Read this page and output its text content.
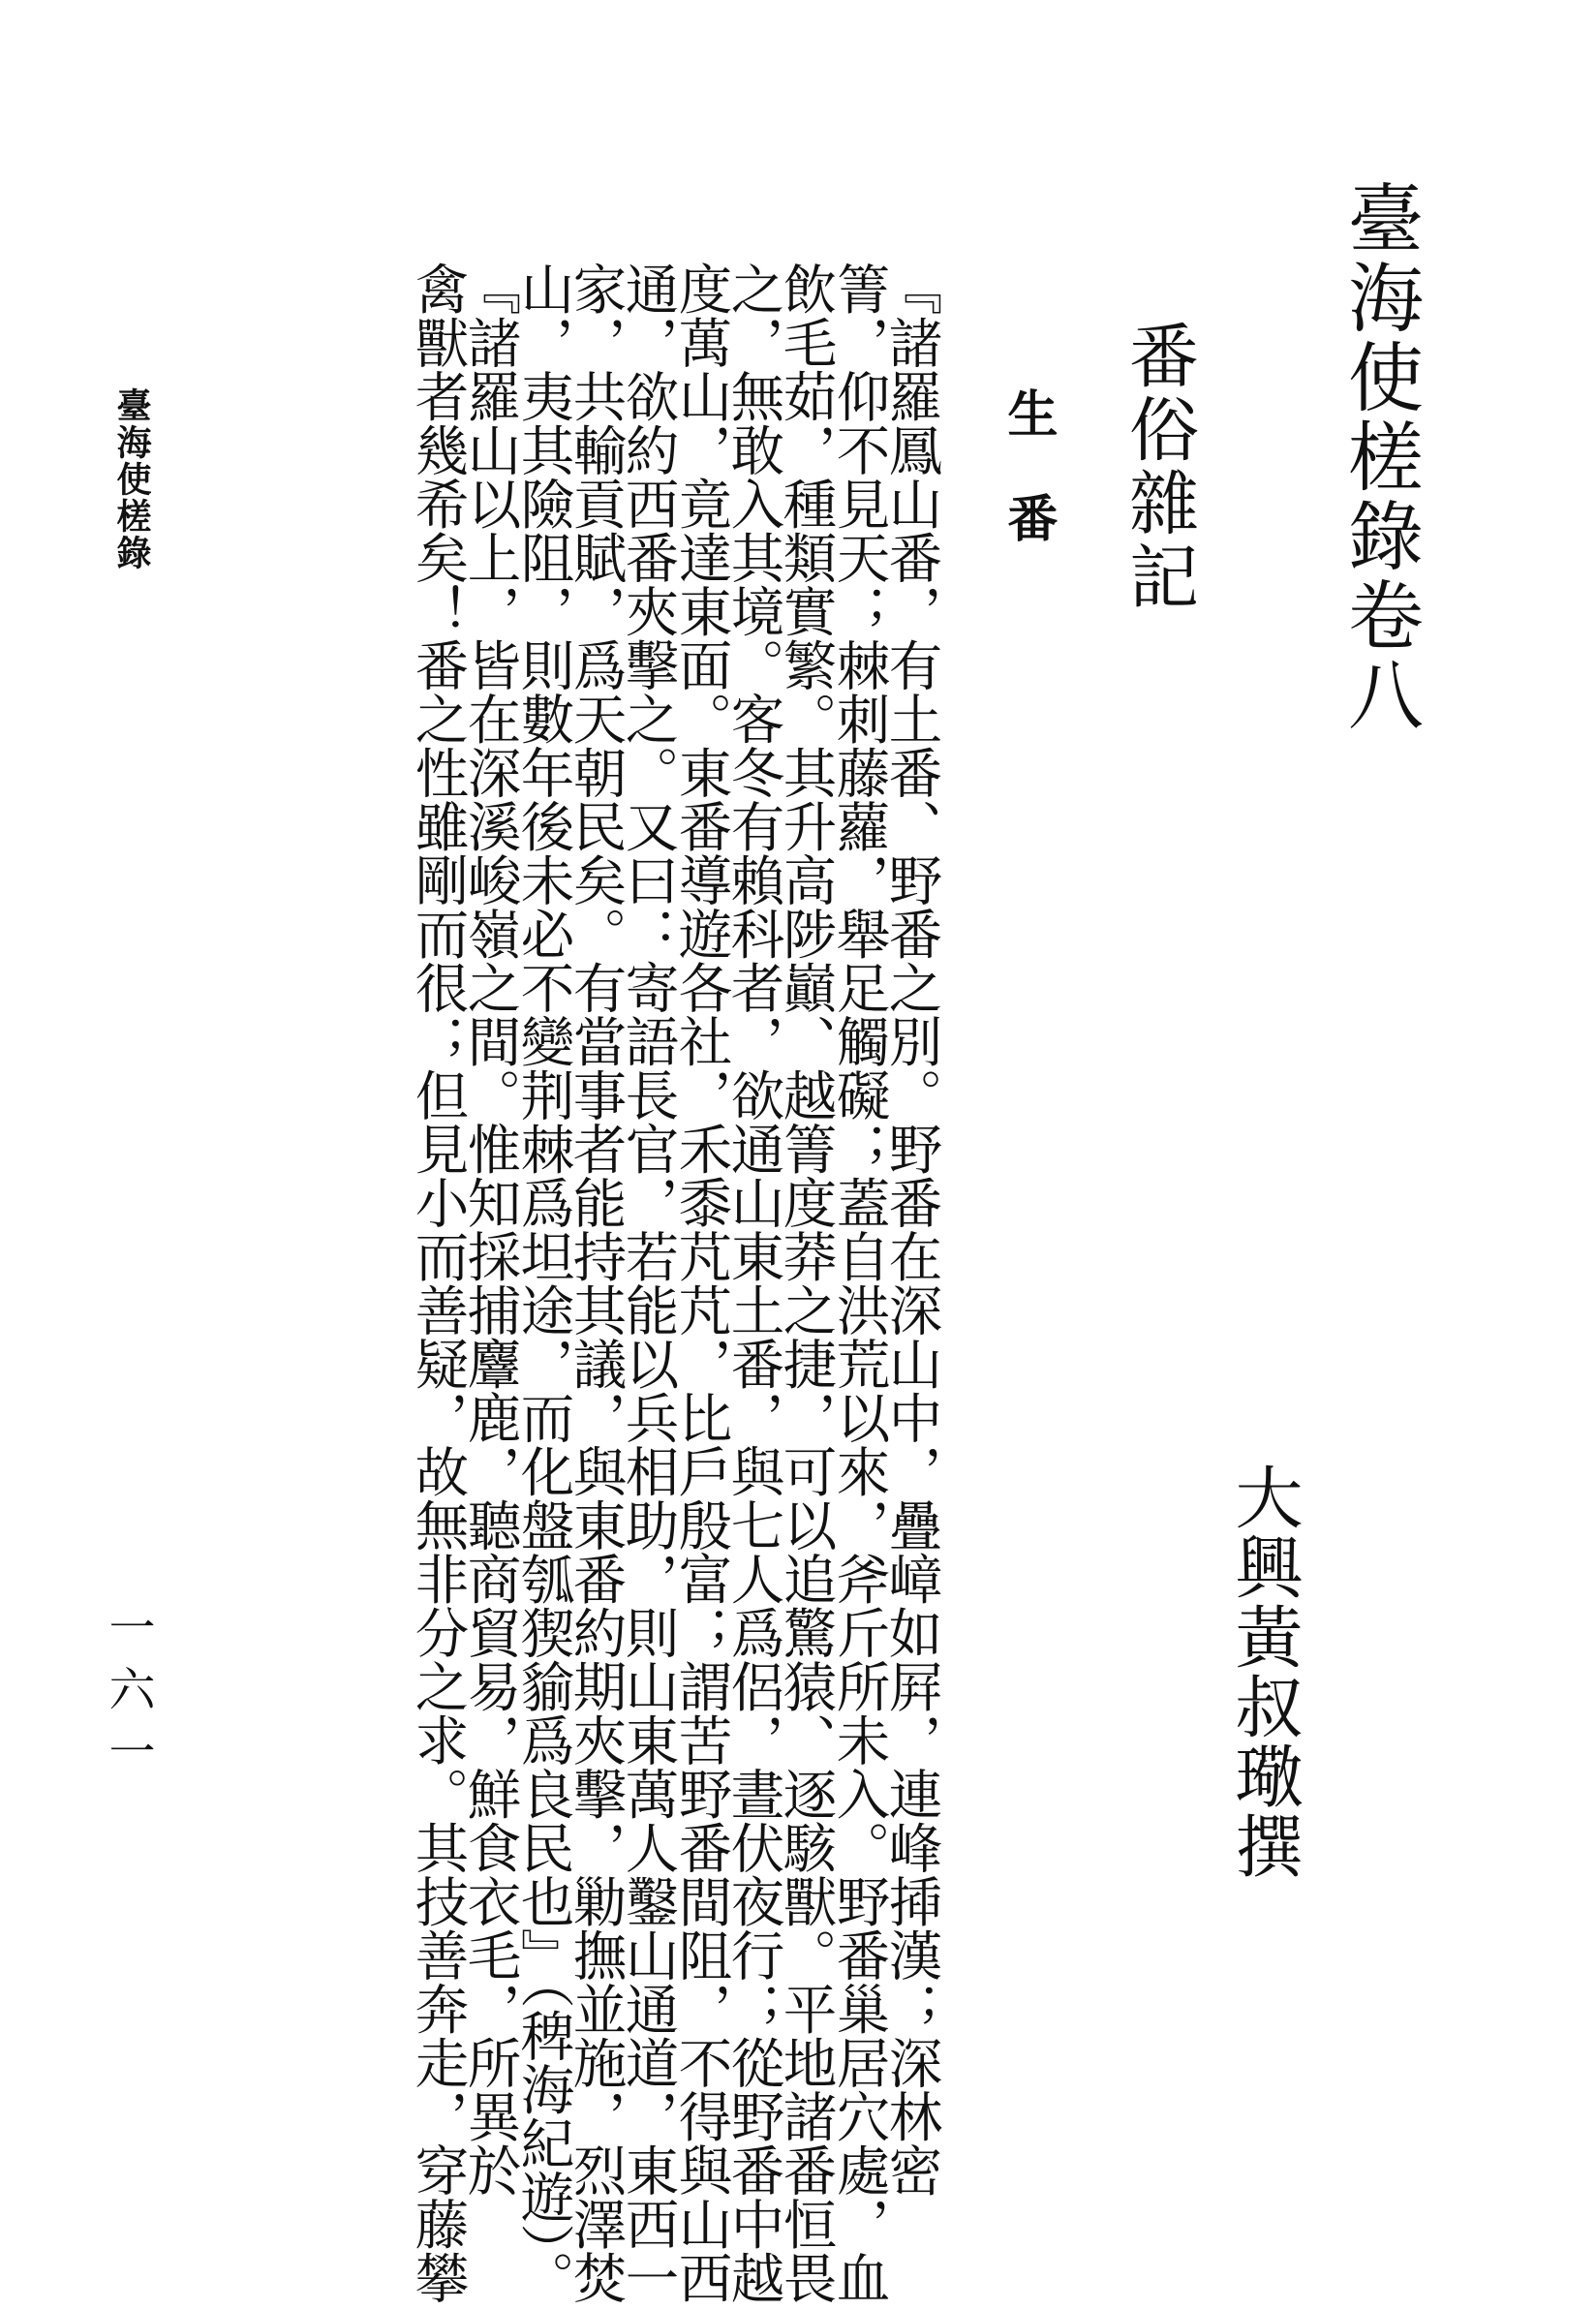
臺海使槎錄卷八
大興黃叔璥撰
番俗雜記
生番
『諸羅鳳山番，有土番、野番之別。野番在深山中，疊嶂如屛，連峰揷漢；深林密
箐，仰不見天；棘刺藤蘿，舉足觸礙；蓋自洪荒以來，斧斤所未入。野番巢居穴處，血
飲毛茹，種類實繁。其升高陟巓、越箐度莽之捷，可以追驚猿、逐駭獸。平地諸番恒畏
之，無敢入其境。客冬有賴科者，欲通山東土番，與七人爲侶，晝伏夜行；從野番中越
度萬山，竟達東面。東番導遊各社，禾黍芃芃，比戶殷富；謂苦野番間阻，不得與山西
通，欲約西番夾擊之。又曰：寄語長官，若能以兵相助，則山東萬人鑿山通道，東西一
家，共輸貢賦，爲天朝民矣。有當事者能持其議，與東番約期夾擊，勦撫並施，烈澤焚
山，夷其險阻，則數年後未必不變荆棘爲坦途，而化盤瓠猰貐爲良民也』（稗海紀遊）。
『諸羅山以上，皆在深溪峻嶺之間。惟知採捕麞鹿，聽商貿易，鮮食衣毛，所異於
禽獸者幾希矣！番之性雖剛而很；但見小而善疑，故無非分之求。其技善奔走，穿藤攀
臺海使槎錄
一六一
